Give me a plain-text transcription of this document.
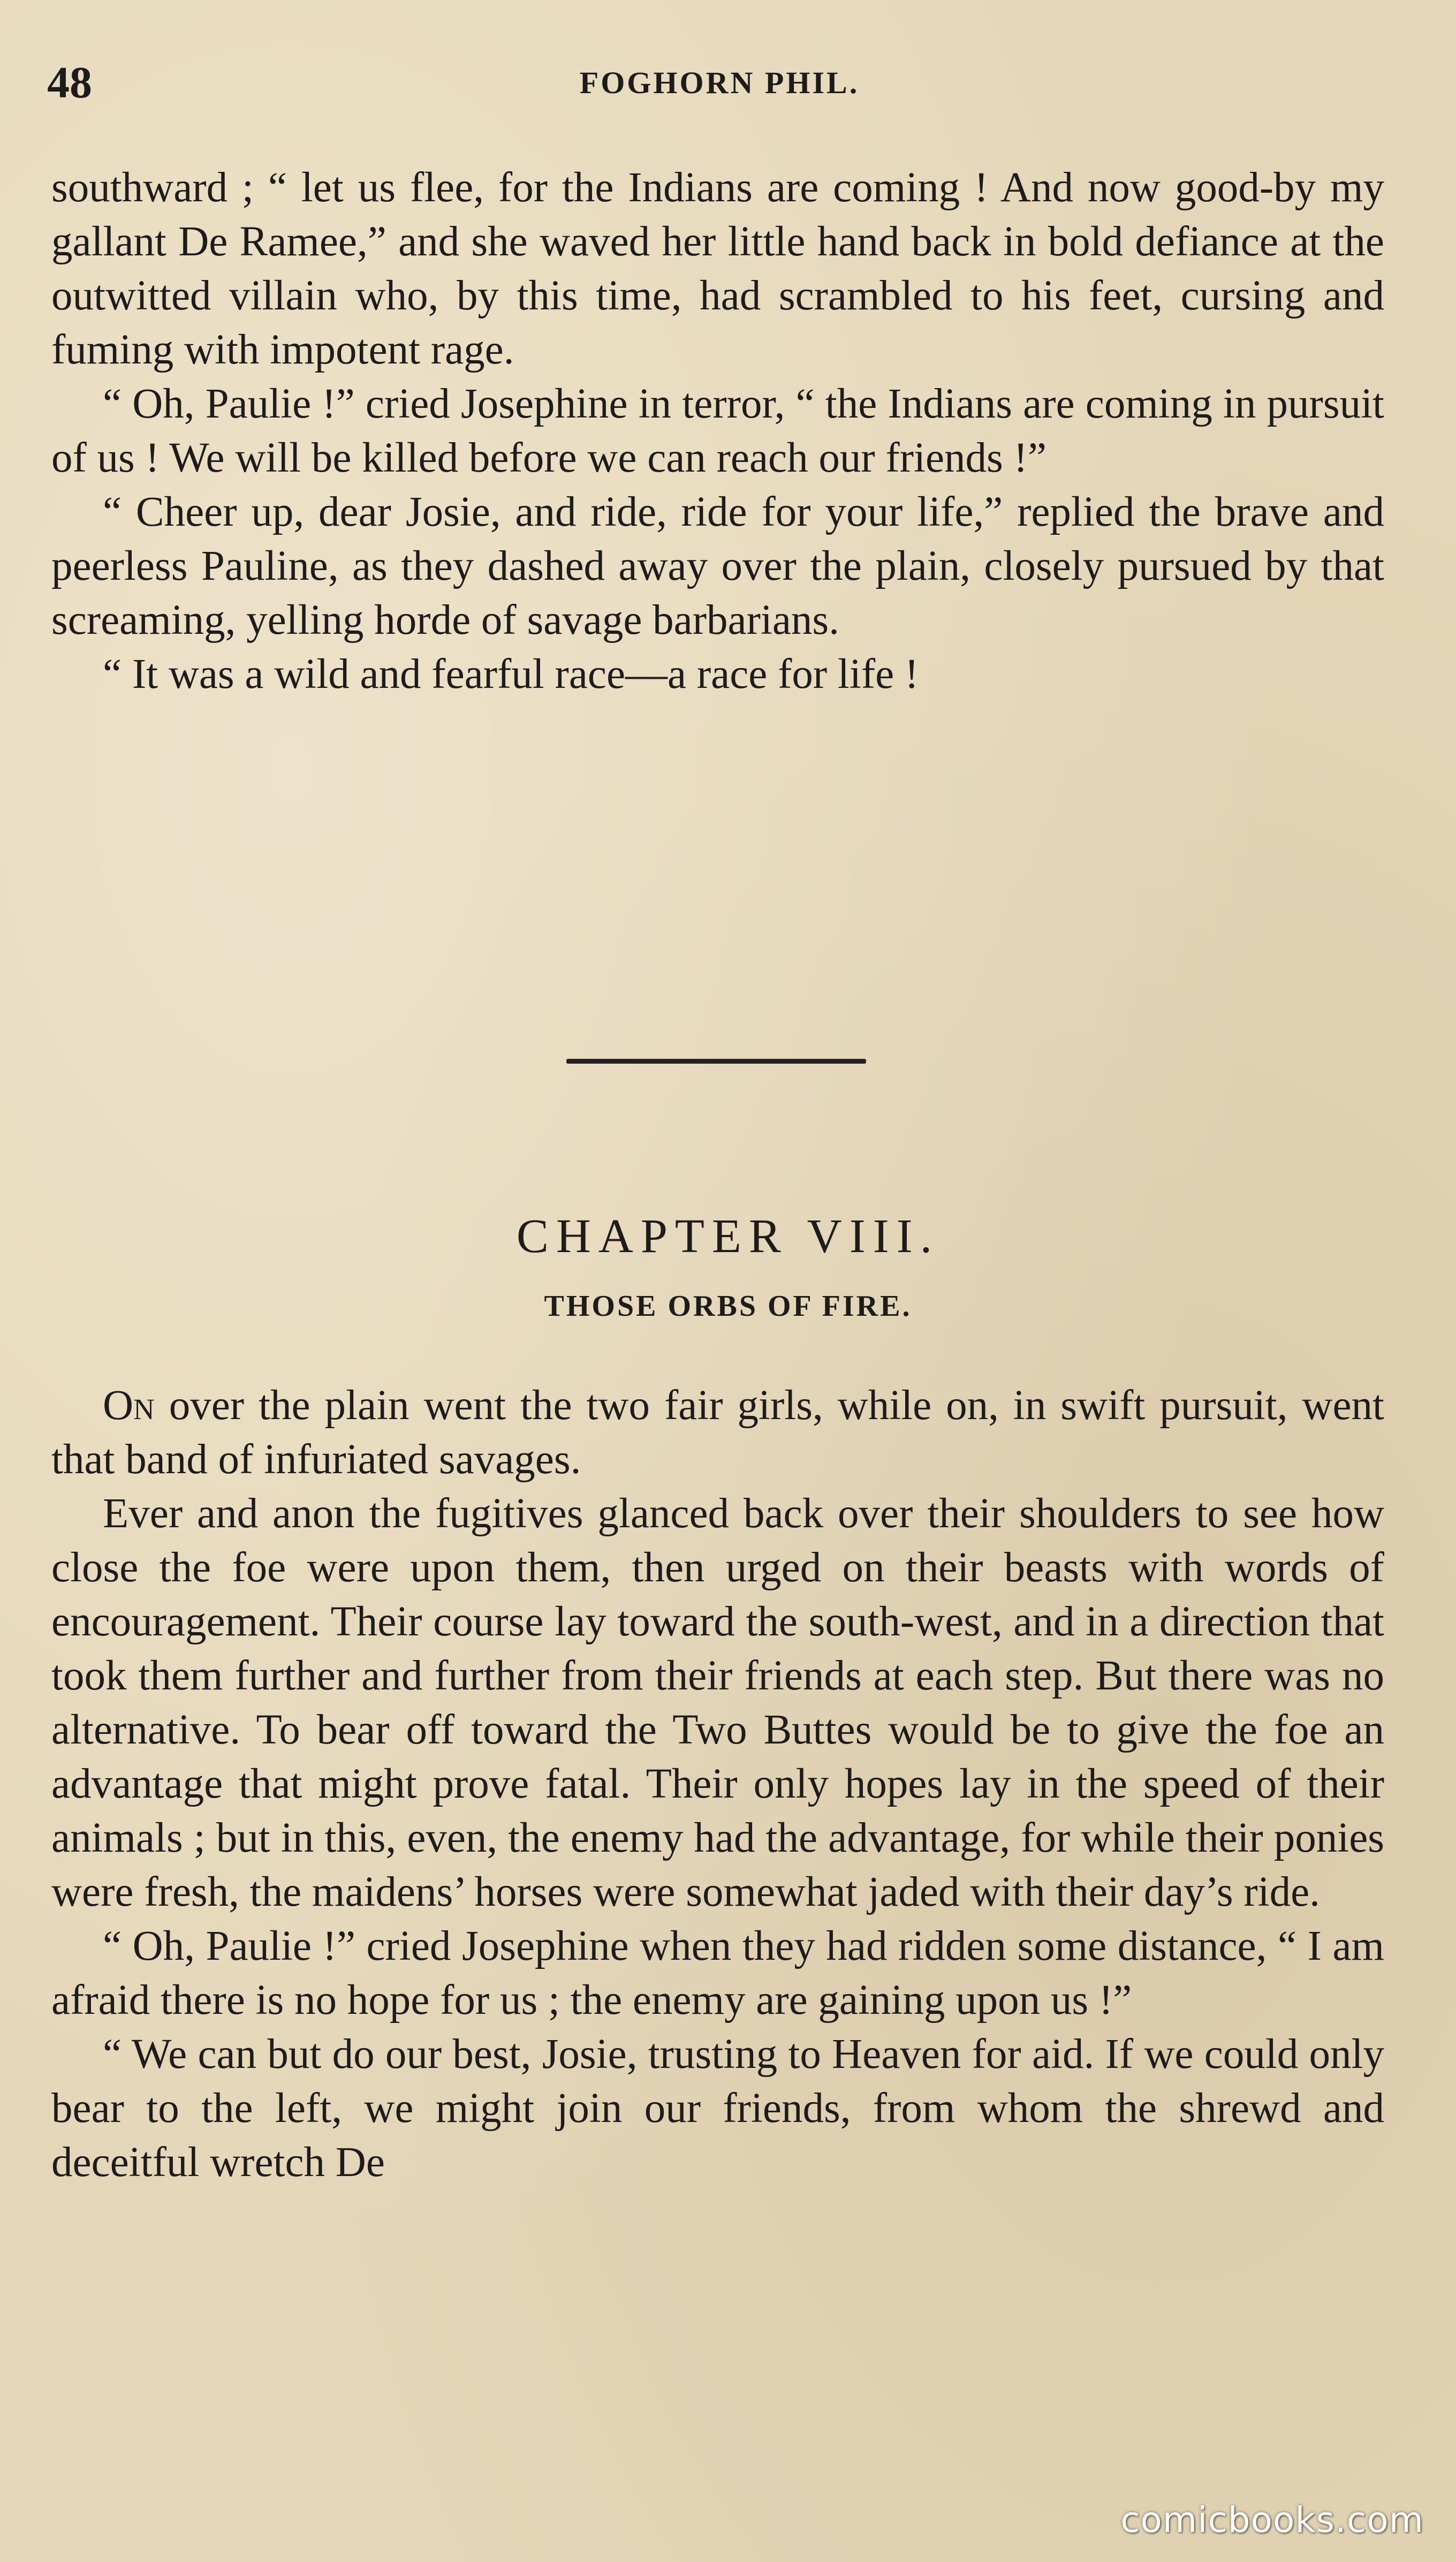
48	FOGHORN PHIL.

southward ; “ let us flee, for the Indians are coming ! And now good-by my gallant De Ramee,” and she waved her little hand back in bold defiance at the outwitted villain who, by this time, had scrambled to his feet, cursing and fuming with impotent rage.

“ Oh, Paulie !” cried Josephine in terror, “ the Indians are coming in pursuit of us ! We will be killed before we can reach our friends !”

“ Cheer up, dear Josie, and ride, ride for your life,” replied the brave and peerless Pauline, as they dashed away over the plain, closely pursued by that screaming, yelling horde of savage barbarians.

“ It was a wild and fearful race—a race for life !

CHAPTER VIII.
THOSE ORBS OF FIRE.

On over the plain went the two fair girls, while on, in swift pursuit, went that band of infuriated savages.

Ever and anon the fugitives glanced back over their shoulders to see how close the foe were upon them, then urged on their beasts with words of encouragement. Their course lay toward the south-west, and in a direction that took them further and further from their friends at each step. But there was no alternative. To bear off toward the Two Buttes would be to give the foe an advantage that might prove fatal. Their only hopes lay in the speed of their animals ; but in this, even, the enemy had the advantage, for while their ponies were fresh, the maidens’ horses were somewhat jaded with their day’s ride.

“ Oh, Paulie !” cried Josephine when they had ridden some distance, “ I am afraid there is no hope for us ; the enemy are gaining upon us !”

“ We can but do our best, Josie, trusting to Heaven for aid. If we could only bear to the left, we might join our friends, from whom the shrewd and deceitful wretch De

comicbooks.com
